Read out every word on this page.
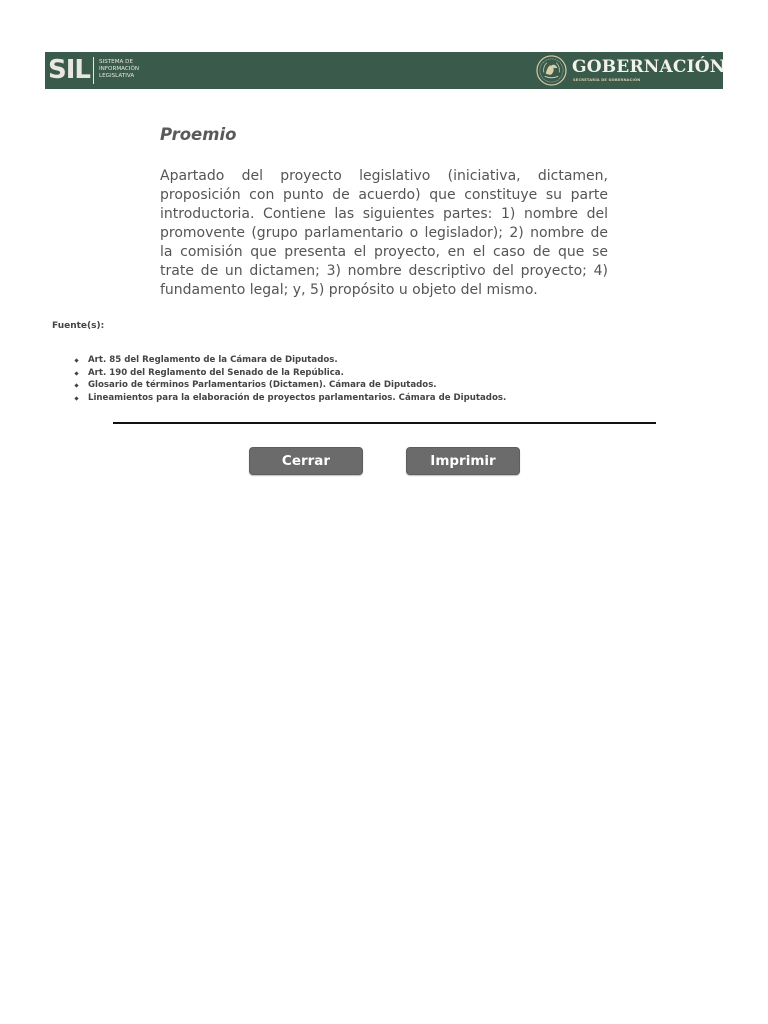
SIL SISTEMA DE INFORMACIÓN LEGISLATIVA	GOBERNACIÓN
SECRETARÍA DE GOBERNACIÓN
Proemio

Apartado del proyecto legislativo (iniciativa, dictamen, proposición con punto de acuerdo) que constituye su parte introductoria. Contiene las siguientes partes: 1) nombre del promovente (grupo parlamentario o legislador); 2) nombre de la comisión que presenta el proyecto, en el caso de que se trate de un dictamen; 3) nombre descriptivo del proyecto; 4) fundamento legal; y, 5) propósito u objeto del mismo.

Fuente(s):
Art. 85 del Reglamento de la Cámara de Diputados.
Art. 190 del Reglamento del Senado de la República.
Glosario de términos Parlamentarios (Dictamen). Cámara de Diputados.
Lineamientos para la elaboración de proyectos parlamentarios. Cámara de Diputados.
Cerrar	Imprimir
